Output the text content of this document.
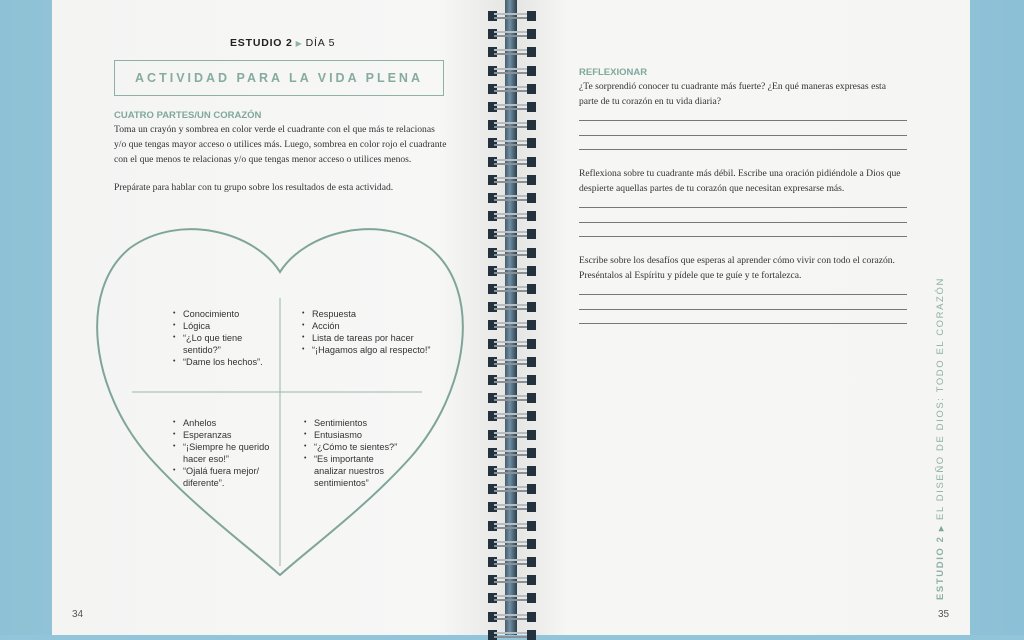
ESTUDIO 2 ▶ DÍA 5
ACTIVIDAD PARA LA VIDA PLENA
CUATRO PARTES/UN CORAZÓN
Toma un crayón y sombrea en color verde el cuadrante con el que más te relacionas
y/o que tengas mayor acceso o utilices más. Luego, sombrea en color rojo el cuadrante
con el que menos te relacionas y/o que tengas menor acceso o utilices menos.
Prepárate para hablar con tu grupo sobre los resultados de esta actividad.
• Conocimiento
• Lógica
• “¿Lo que tiene sentido?”
• “Dame los hechos”.
• Respuesta
• Acción
• Lista de tareas por hacer
• “¡Hagamos algo al respecto!”
• Anhelos
• Esperanzas
• “¡Siempre he querido hacer eso!”
• “Ojalá fuera mejor/ diferente”.
• Sentimientos
• Entusiasmo
• “¿Cómo te sientes?”
• “Es importante analizar nuestros sentimientos”
34
REFLEXIONAR
¿Te sorprendió conocer tu cuadrante más fuerte? ¿En qué maneras expresas esta
parte de tu corazón en tu vida diaria?
Reflexiona sobre tu cuadrante más débil. Escribe una oración pidiéndole a Dios que
despierte aquellas partes de tu corazón que necesitan expresarse más.
Escribe sobre los desafíos que esperas al aprender cómo vivir con todo el corazón.
Preséntalos al Espíritu y pídele que te guíe y te fortalezca.
ESTUDIO 2 ▶ EL DISEÑO DE DIOS: TODO EL CORAZÓN
35
